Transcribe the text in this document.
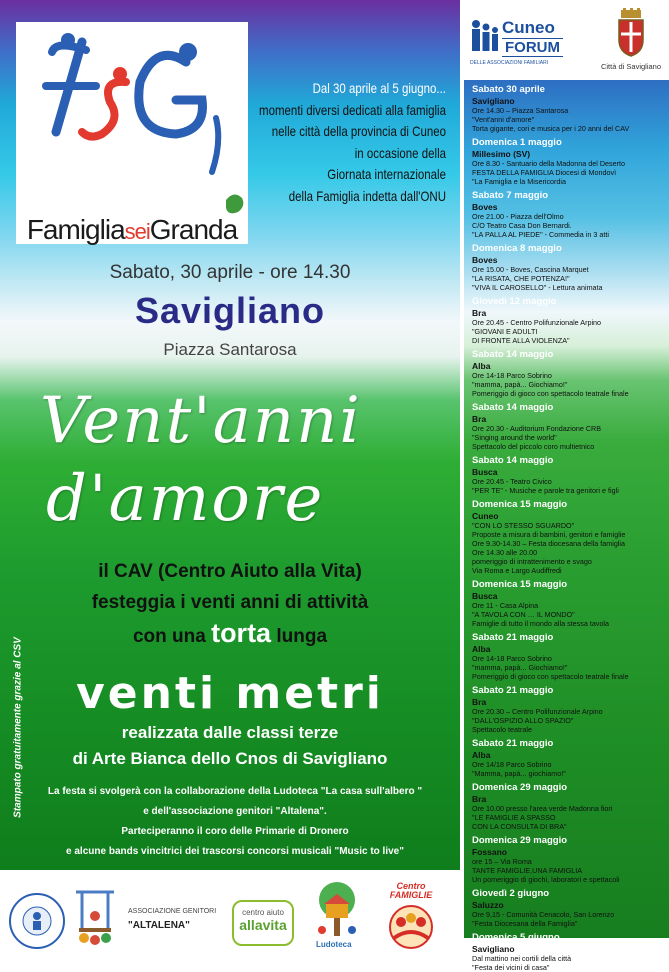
FamigliaseiGranda
Dal 30 aprile al 5 giugno...
momenti diversi dedicati alla famiglia
nelle città della provincia di Cuneo
in occasione della
Giornata internazionale
della Famiglia indetta dall'ONU
Sabato, 30 aprile - ore 14.30
Savigliano
Piazza Santarosa
Vent'anni
d'amore
il CAV (Centro Aiuto alla Vita)
festeggia i venti anni di attività
con una torta lunga
venti metri
realizzata dalle classi terze
di Arte Bianca dello Cnos di Savigliano
La festa si svolgerà con la collaborazione della Ludoteca "La casa sull'albero "
e dell'associazione genitori "Altalena".
Parteciperanno il coro delle Primarie di Dronero
e alcune bands vincitrici dei trascorsi concorsi musicali "Music to live"
Stampato gratuitamente grazie al CSV
Cuneo
FORUM
DELLE ASSOCIAZIONI FAMILIARI	Città di Savigliano
Sabato 30 aprile
Savigliano
Ore 14.30 – Piazza Santarosa
"Vent'anni d'amore"
Torta gigante, cori e musica per i 20 anni del CAV
Domenica 1 maggio
Millesimo (SV)
Ore 8.30 - Santuario della Madonna del Deserto
FESTA DELLA FAMIGLIA Diocesi di Mondovì
"La Famiglia e la Misericordia
Sabato 7 maggio
Boves
Ore 21.00 - Piazza dell'Olmo
C/O Teatro Casa Don Bernardi.
"LA PALLA AL PIEDE" - Commedia in 3 atti
Domenica 8 maggio
Boves
Ore 15.00 - Boves, Cascina Marquet
"LA RISATA, CHE POTENZA!"
"VIVA IL CAROSELLO" - Lettura animata
Giovedì 12 maggio
Bra
Ore 20.45 - Centro Polifunzionale Arpino
"GIOVANI E ADULTI
DI FRONTE ALLA VIOLENZA"
Sabato 14 maggio
Alba
Ore 14-18 Parco Sobrino
"mamma, papà... Giochiamo!"
Pomeriggio di gioco con spettacolo teatrale finale
Sabato 14 maggio
Bra
Ore 20.30 - Auditorium Fondazione CRB
"Singing around the world"
Spettacolo del piccolo coro multietnico
Sabato 14 maggio
Busca
Ore 20.45 - Teatro Civico
"PER TE" - Musiche e parole tra genitori e figli
Domenica 15 maggio
Cuneo
"CON LO STESSO SGUARDO"
Proposte a misura di bambini, genitori e famiglie
Ore 9.30-14.30 – Festa diocesana della famiglia
Ore 14.30 alle 20.00
pomeriggio di intrattenimento e svago
Via Roma e Largo Audiffredi
Domenica 15 maggio
Busca
Ore 11 - Casa Alpina
"A TAVOLA CON … IL MONDO"
Famiglie di tutto il mondo alla stessa tavola
Sabato 21 maggio
Alba
Ore 14-18 Parco Sobrino
"mamma, papà... Giochiamo!"
Pomeriggio di gioco con spettacolo teatrale finale
Sabato 21 maggio
Bra
Ore 20.30 – Centro Polifunzionale Arpino
"DALL'OSPIZIO ALLO SPAZIO"
Spettacolo teatrale
Sabato 21 maggio
Alba
Ore 14/18 Parco Sobrino
"Mamma, papà... giochiamo!"
Domenica 29 maggio
Bra
Ore 10.00 presso l'area verde Madonna fiori
"LE FAMIGLIE A SPASSO
CON LA CONSULTA DI BRA"
Domenica 29 maggio
Fossano
ore 15 – Via Roma
TANTE FAMIGLIE,UNA FAMIGLIA
Un pomeriggio di giochi, laboratori e spettacoli
Giovedì 2 giugno
Saluzzo
Ore 9,15 - Comunità Cenacolo, San Lorenzo
"Festa Diocesana della Famiglia"
Domenica 5 giugno
Savigliano
Dal mattino nei cortili della città
"Festa dei vicini di casa"
ASSOCIAZIONE GENITORI
"ALTALENA"
centro aiuto
allavita
Ludoteca
Centro
FAMIGLIE
